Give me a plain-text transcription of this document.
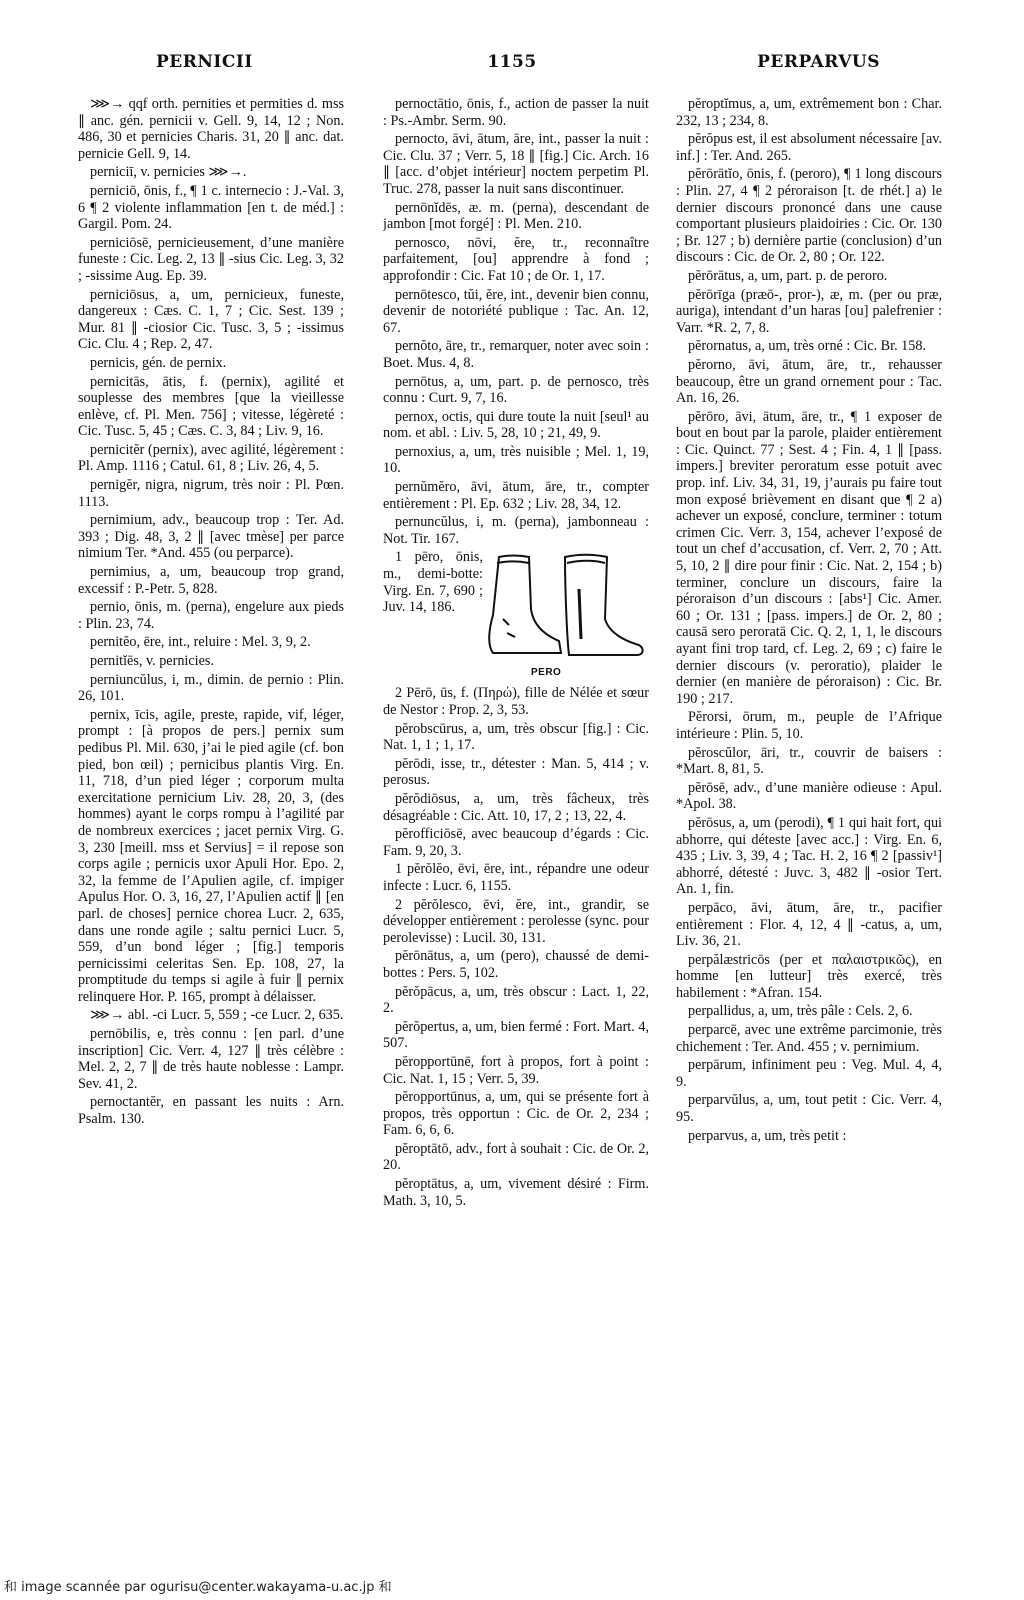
PERNICII	1155	PERPARVUS

⋙→ qqf orth. pernities et permities d. mss ∥ anc. gén. pernicii v. Gell. 9, 14, 12 ; Non. 486, 30 et pernicies Charis. 31, 20 ∥ anc. dat. pernicie Gell. 9, 14.

perniciī, v. pernicies ⋙→.

perniciō, ōnis, f., ¶ 1 c. internecio : J.-Val. 3, 6 ¶ 2 violente inflammation [en t. de méd.] : Gargil. Pom. 24.

perniciōsē, pernicieusement, d’une manière funeste : Cic. Leg. 2, 13 ∥ -sius Cic. Leg. 3, 32 ; -sissime Aug. Ep. 39.

perniciōsus, a, um, pernicieux, funeste, dangereux : Cæs. C. 1, 7 ; Cic. Sest. 139 ; Mur. 81 ∥ -ciosior Cic. Tusc. 3, 5 ; -issimus Cic. Clu. 4 ; Rep. 2, 47.

pernicis, gén. de pernix.

pernicitās, ātis, f. (pernix), agilité et souplesse des membres [que la vieillesse enlève, cf. Pl. Men. 756] ; vitesse, légèreté : Cic. Tusc. 5, 45 ; Cæs. C. 3, 84 ; Liv. 9, 16.

pernicitĕr (pernix), avec agilité, légèrement : Pl. Amp. 1116 ; Catul. 61, 8 ; Liv. 26, 4, 5.

pernigĕr, nigra, nigrum, très noir : Pl. Pœn. 1113.

pernimium, adv., beaucoup trop : Ter. Ad. 393 ; Dig. 48, 3, 2 ∥ [avec tmèse] per parce nimium Ter. *And. 455 (ou perparce).

pernimius, a, um, beaucoup trop grand, excessif : P.-Petr. 5, 828.

pernio, ōnis, m. (perna), engelure aux pieds : Plin. 23, 74.

pernitĕo, ēre, int., reluire : Mel. 3, 9, 2.

pernitĭēs, v. pernicies.

perniuncŭlus, i, m., dimin. de pernio : Plin. 26, 101.

pernix, īcis, agile, preste, rapide, vif, léger, prompt : [à propos de pers.] pernix sum pedibus Pl. Mil. 630, j’ai le pied agile (cf. bon pied, bon œil) ; pernicibus plantis Virg. En. 11, 718, d’un pied léger ; corporum multa exercitatione pernicium Liv. 28, 20, 3, (des hommes) ayant le corps rompu à l’agilité par de nombreux exercices ; jacet pernix Virg. G. 3, 230 [meill. mss et Servius] = il repose son corps agile ; pernicis uxor Apuli Hor. Epo. 2, 32, la femme de l’Apulien agile, cf. impiger Apulus Hor. O. 3, 16, 27, l’Apulien actif ∥ [en parl. de choses] pernice chorea Lucr. 2, 635, dans une ronde agile ; saltu pernici Lucr. 5, 559, d’un bond léger ; [fig.] temporis pernicissimi celeritas Sen. Ep. 108, 27, la promptitude du temps si agile à fuir ∥ pernix relinquere Hor. P. 165, prompt à délaisser.

⋙→ abl. -ci Lucr. 5, 559 ; -ce Lucr. 2, 635.

pernōbilis, e, très connu : [en parl. d’une inscription] Cic. Verr. 4, 127 ∥ très célèbre : Mel. 2, 2, 7 ∥ de très haute noblesse : Lampr. Sev. 41, 2.

pernoctantĕr, en passant les nuits : Arn. Psalm. 130.

pernoctātio, ōnis, f., action de passer la nuit : Ps.-Ambr. Serm. 90.

pernocto, āvi, ātum, āre, int., passer la nuit : Cic. Clu. 37 ; Verr. 5, 18 ∥ [fig.] Cic. Arch. 16 ∥ [acc. d’objet intérieur] noctem perpetim Pl. Truc. 278, passer la nuit sans discontinuer.

pernōnĭdēs, æ. m. (perna), descendant de jambon [mot forgé] : Pl. Men. 210.

pernosco, nōvi, ĕre, tr., reconnaître parfaitement, [ou] apprendre à fond ; approfondir : Cic. Fat 10 ; de Or. 1, 17.

pernōtesco, tŭi, ĕre, int., devenir bien connu, devenir de notoriété publique : Tac. An. 12, 67.

pernŏto, āre, tr., remarquer, noter avec soin : Boet. Mus. 4, 8.

pernōtus, a, um, part. p. de pernosco, très connu : Curt. 9, 7, 16.

pernox, octis, qui dure toute la nuit [seul¹ au nom. et abl. : Liv. 5, 28, 10 ; 21, 49, 9.

pernoxius, a, um, très nuisible ; Mel. 1, 19, 10.

pernŭmĕro, āvi, ātum, āre, tr., compter entièrement : Pl. Ep. 632 ; Liv. 28, 34, 12.

pernuncŭlus, i, m. (perna), jambonneau : Not. Tir. 167.

1 pēro, ōnis, m., demi-botte: Virg. En. 7, 690 ; Juv. 14, 186.
PERO

2 Pērō, ūs, f. (Πηρώ), fille de Nélée et sœur de Nestor : Prop. 2, 3, 53.

pĕrobscūrus, a, um, très obscur [fig.] : Cic. Nat. 1, 1 ; 1, 17.

pĕrōdi, isse, tr., détester : Man. 5, 414 ; v. perosus.

pĕrŏdiōsus, a, um, très fâcheux, très désagréable : Cic. Att. 10, 17, 2 ; 13, 22, 4.

pĕrofficiōsē, avec beaucoup d’égards : Cic. Fam. 9, 20, 3.

1 pĕrŏlĕo, ēvi, ēre, int., répandre une odeur infecte : Lucr. 6, 1155.

2 pĕrŏlesco, ēvi, ĕre, int., grandir, se développer entièrement : perolesse (sync. pour perolevisse) : Lucil. 30, 131.

pĕrōnātus, a, um (pero), chaussé de demi-bottes : Pers. 5, 102.

pĕrŏpācus, a, um, très obscur : Lact. 1, 22, 2.

pĕrŏpertus, a, um, bien fermé : Fort. Mart. 4, 507.

pĕropportūnē, fort à propos, fort à point : Cic. Nat. 1, 15 ; Verr. 5, 39.

pĕropportūnus, a, um, qui se présente fort à propos, très opportun : Cic. de Or. 2, 234 ; Fam. 6, 6, 6.

pĕroptātō, adv., fort à souhait : Cic. de Or. 2, 20.

pĕroptātus, a, um, vivement désiré : Firm. Math. 3, 10, 5.

pĕroptĭmus, a, um, extrêmement bon : Char. 232, 13 ; 234, 8.

pĕrŏpus est, il est absolument nécessaire [av. inf.] : Ter. And. 265.

pĕrōrātĭo, ōnis, f. (peroro), ¶ 1 long discours : Plin. 27, 4 ¶ 2 péroraison [t. de rhét.] a) le dernier discours prononcé dans une cause comportant plusieurs plaidoiries : Cic. Or. 130 ; Br. 127 ; b) dernière partie (conclusion) d’un discours : Cic. de Or. 2, 80 ; Or. 122.

pĕrōrātus, a, um, part. p. de peroro.

pĕrōrīga (præō-, pror-), æ, m. (per ou præ, auriga), intendant d’un haras [ou] palefrenier : Varr. *R. 2, 7, 8.

pĕrornatus, a, um, très orné : Cic. Br. 158.

pĕrorno, āvi, ātum, āre, tr., rehausser beaucoup, être un grand ornement pour : Tac. An. 16, 26.

pĕrōro, āvi, ātum, āre, tr., ¶ 1 exposer de bout en bout par la parole, plaider entièrement : Cic. Quinct. 77 ; Sest. 4 ; Fin. 4, 1 ∥ [pass. impers.] breviter peroratum esse potuit avec prop. inf. Liv. 34, 31, 19, j’aurais pu faire tout mon exposé brièvement en disant que ¶ 2 a) achever un exposé, conclure, terminer : totum crimen Cic. Verr. 3, 154, achever l’exposé de tout un chef d’accusation, cf. Verr. 2, 70 ; Att. 5, 10, 2 ∥ dire pour finir : Cic. Nat. 2, 154 ; b) terminer, conclure un discours, faire la péroraison d’un discours : [abs¹] Cic. Amer. 60 ; Or. 131 ; [pass. impers.] de Or. 2, 80 ; causā sero peroratā Cic. Q. 2, 1, 1, le discours ayant fini trop tard, cf. Leg. 2, 69 ; c) faire le dernier discours (v. peroratio), plaider le dernier (en manière de péroraison) : Cic. Br. 190 ; 217.

Pĕrorsi, ōrum, m., peuple de l’Afrique intérieure : Plin. 5, 10.

pĕroscŭlor, āri, tr., couvrir de baisers : *Mart. 8, 81, 5.

pĕrōsē, adv., d’une manière odieuse : Apul. *Apol. 38.

pĕrōsus, a, um (perodi), ¶ 1 qui hait fort, qui abhorre, qui déteste [avec acc.] : Virg. En. 6, 435 ; Liv. 3, 39, 4 ; Tac. H. 2, 16 ¶ 2 [passiv¹] abhorré, détesté : Juvc. 3, 482 ∥ -osior Tert. An. 1, fin.

perpāco, āvi, ātum, āre, tr., pacifier entièrement : Flor. 4, 12, 4 ∥ -catus, a, um, Liv. 36, 21.

perpălæstricōs (per et παλαιστρικῶς), en homme [en lutteur] très exercé, très habilement : *Afran. 154.

perpallidus, a, um, très pâle : Cels. 2, 6.

perparcē, avec une extrême parcimonie, très chichement : Ter. And. 455 ; v. pernimium.

perpārum, infiniment peu : Veg. Mul. 4, 4, 9.

perparvŭlus, a, um, tout petit : Cic. Verr. 4, 95.

perparvus, a, um, très petit :

和 image scannée par ogurisu@center.wakayama-u.ac.jp 和
